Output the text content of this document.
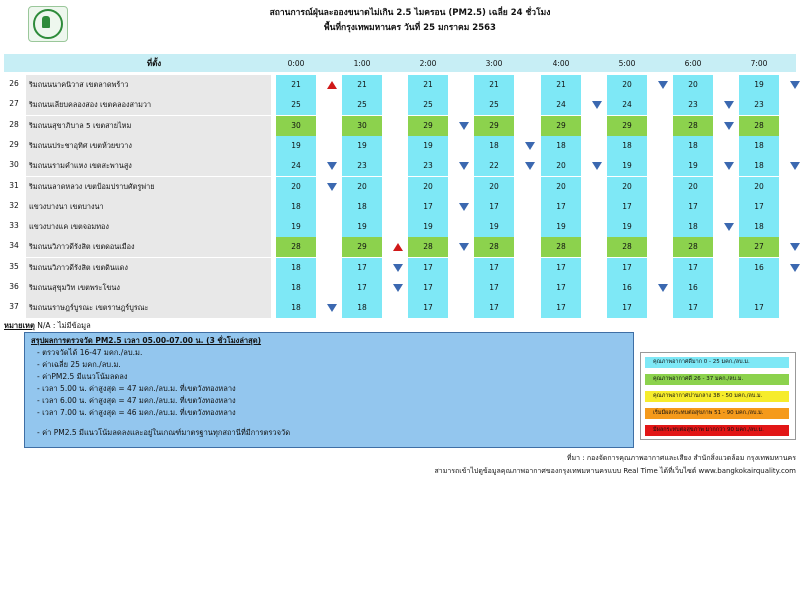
สถานการณ์ฝุ่นละอองขนาดไม่เกิน 2.5 ไมครอน (PM2.5) เฉลี่ย 24 ชั่วโมง
พื้นที่กรุงเทพมหานคร วันที่ 25 มกราคม 2563
ที่ตั้ง	0:00	1:00	2:00	3:00	4:00	5:00	6:00	7:00
26	ริมถนนนาคนิวาส เขตลาดพร้าว	21	21	21	21	21	20	20	19
27	ริมถนนเลียบคลองสอง เขตคลองสามวา	25	25	25	25	24	24	23	23
28	ริมถนนสุขาภิบาล 5 เขตสายไหม	30	30	29	29	29	29	28	28
29	ริมถนนประชาอุทิศ เขตห้วยขวาง	19	19	19	18	18	18	18	18
30	ริมถนนรามคำแหง เขตสะพานสูง	24	23	23	22	20	19	19	18
31	ริมถนนลาดหลวง เขตป้อมปราบศัตรูพ่าย	20	20	20	20	20	20	20	20
32	แขวงบางนา เขตบางนา	18	18	17	17	17	17	17	17
33	แขวงบางแค เขตจอมทอง	19	19	19	19	19	19	18	18
34	ริมถนนวิภาวดีรังสิต เขตดอนเมือง	28	29	28	28	28	28	28	27
35	ริมถนนวิภาวดีรังสิต เขตดินแดง	18	17	17	17	17	17	17	16
36	ริมถนนสุขุมวิท เขตพระโขนง	18	17	17	17	17	16	16
37	ริมถนนราษฎร์บูรณะ เขตราษฎร์บูรณะ	18	18	17	17	17	17	17	17
หมายเหตุ N/A : ไม่มีข้อมูล
สรุปผลการตรวจวัด PM2.5 เวลา 05.00-07.00 น. (3 ชั่วโมงล่าสุด)
- ตรวจวัดได้ 16-47 มคก./ลบ.ม.
- ค่าเฉลี่ย 25 มคก./ลบ.ม.
- ค่าPM2.5 มีแนวโน้มลดลง
- เวลา 5.00 น. ค่าสูงสุด = 47 มคก./ลบ.ม. ที่เขตวังทองหลาง
- เวลา 6.00 น. ค่าสูงสุด = 47 มคก./ลบ.ม. ที่เขตวังทองหลาง
- เวลา 7.00 น. ค่าสูงสุด = 46 มคก./ลบ.ม. ที่เขตวังทองหลาง
- ค่า PM2.5 มีแนวโน้มลดลงและอยู่ในเกณฑ์มาตรฐานทุกสถานีที่มีการตรวจวัด
คุณภาพอากาศดีมาก 0 - 25 มคก./ลบ.ม.
คุณภาพอากาศดี 26 - 37 มคก./ลบ.ม.
คุณภาพอากาศปานกลาง 38 - 50 มคก./ลบ.ม.
เริ่มมีผลกระทบต่อสุขภาพ 51 - 90 มคก./ลบ.ม.
มีผลกระทบต่อสุขภาพ มากกว่า 90 มคก./ลบ.ม.
ที่มา : กองจัดการคุณภาพอากาศและเสียง สำนักสิ่งแวดล้อม กรุงเทพมหานคร
สามารถเข้าไปดูข้อมูลคุณภาพอากาศของกรุงเทพมหานครแบบ Real Time ได้ที่เว็บไซต์ www.bangkokairquality.com
